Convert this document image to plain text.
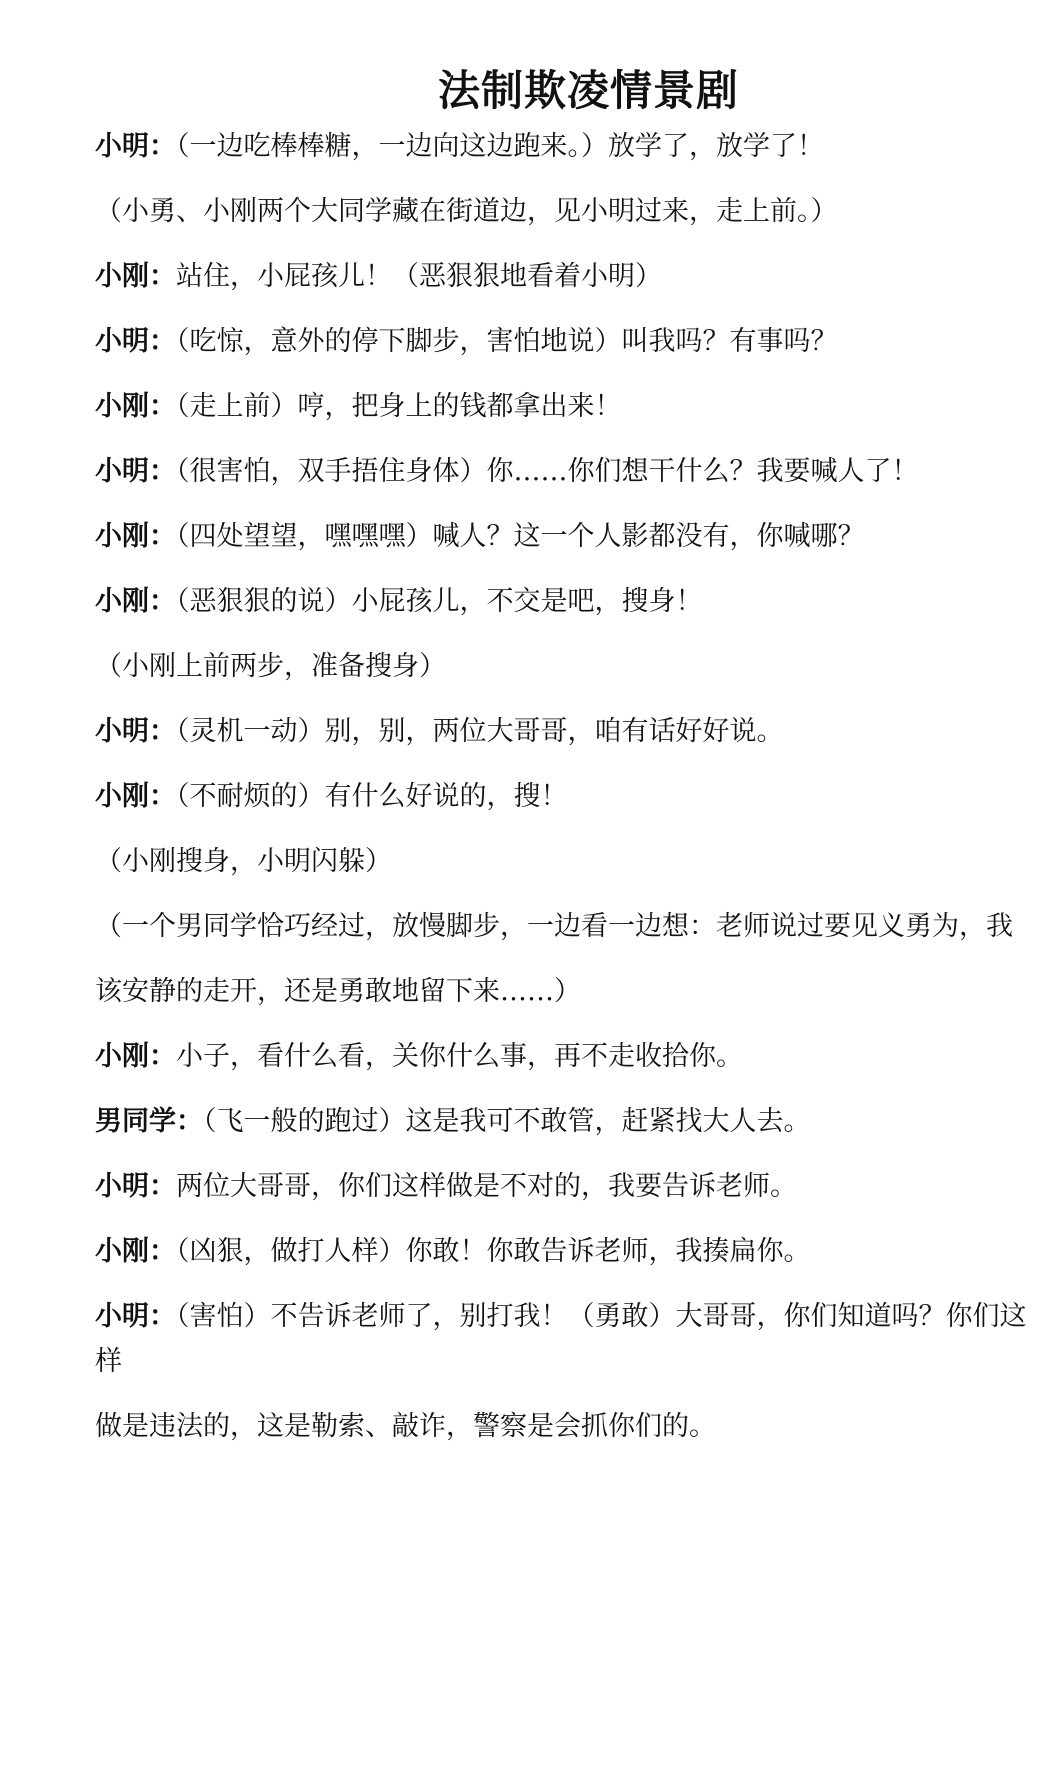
法制欺凌情景剧
小明：（一边吃棒棒糖，一边向这边跑来。）放学了，放学了！
（小勇、小刚两个大同学藏在街道边，见小明过来，走上前。）
小刚：站住，小屁孩儿！（恶狠狠地看着小明）
小明：（吃惊，意外的停下脚步，害怕地说）叫我吗？有事吗？
小刚：（走上前）哼，把身上的钱都拿出来！
小明：（很害怕，双手捂住身体）你……你们想干什么？我要喊人了！
小刚：（四处望望，嘿嘿嘿）喊人？这一个人影都没有，你喊哪？
小刚：（恶狠狠的说）小屁孩儿，不交是吧，搜身！
（小刚上前两步，准备搜身）
小明：（灵机一动）别，别，两位大哥哥，咱有话好好说。
小刚：（不耐烦的）有什么好说的，搜！
（小刚搜身，小明闪躲）
（一个男同学恰巧经过，放慢脚步，一边看一边想：老师说过要见义勇为，我
该安静的走开，还是勇敢地留下来……）
小刚：小子，看什么看，关你什么事，再不走收拾你。
男同学：（飞一般的跑过）这是我可不敢管，赶紧找大人去。
小明：两位大哥哥，你们这样做是不对的，我要告诉老师。
小刚：（凶狠，做打人样）你敢！你敢告诉老师，我揍扁你。
小明：（害怕）不告诉老师了，别打我！（勇敢）大哥哥，你们知道吗？你们这
样
做是违法的，这是勒索、敲诈，警察是会抓你们的。
